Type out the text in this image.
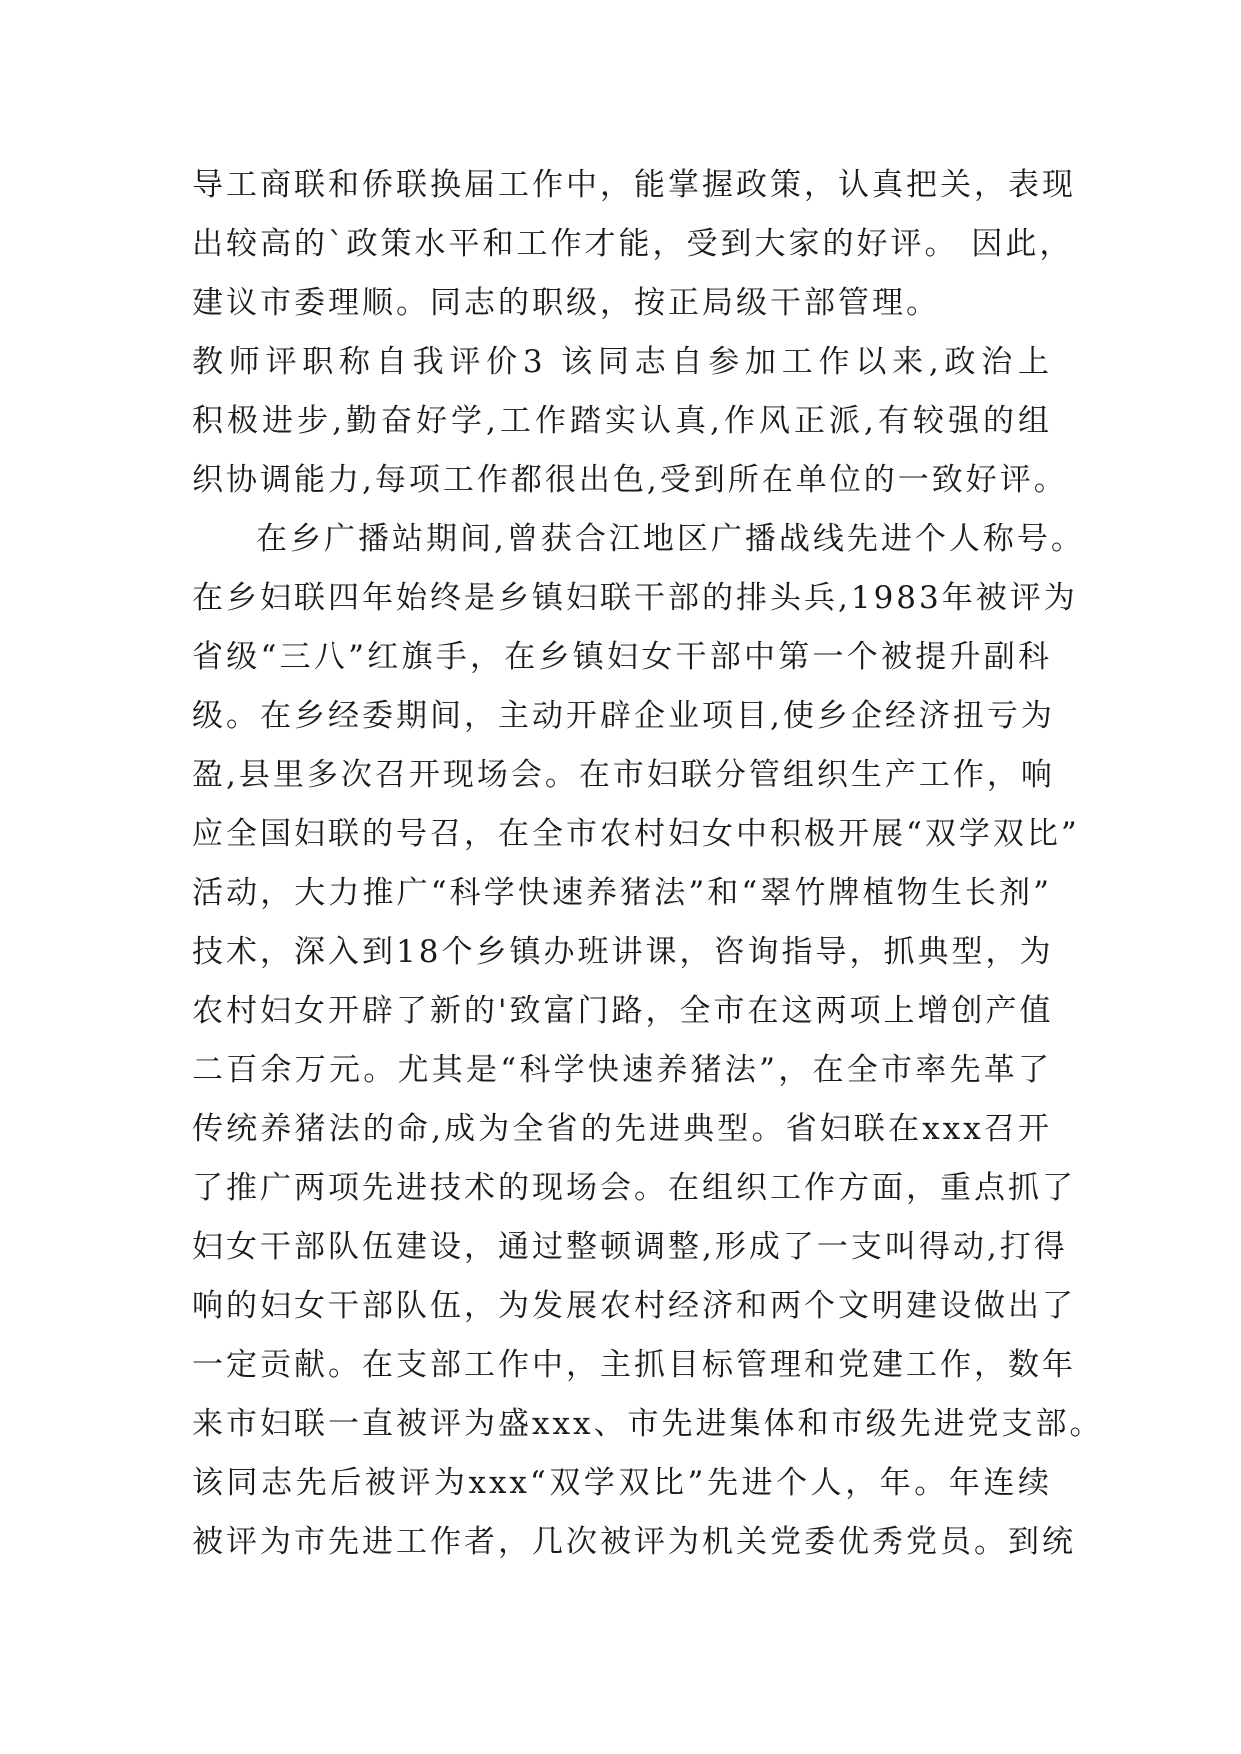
导工商联和侨联换届工作中，能掌握政策，认真把关，表现
出较高的`政策水平和工作才能，受到大家的好评。 因此，
建议市委理顺。同志的职级，按正局级干部管理。
教师评职称自我评价3 该同志自参加工作以来,政治上
积极进步,勤奋好学,工作踏实认真,作风正派,有较强的组
织协调能力,每项工作都很出色,受到所在单位的一致好评。
在乡广播站期间,曾获合江地区广播战线先进个人称号。
在乡妇联四年始终是乡镇妇联干部的排头兵,1983年被评为
省级“三八”红旗手，在乡镇妇女干部中第一个被提升副科
级。在乡经委期间，主动开辟企业项目,使乡企经济扭亏为
盈,县里多次召开现场会。在市妇联分管组织生产工作，响
应全国妇联的号召，在全市农村妇女中积极开展“双学双比”
活动，大力推广“科学快速养猪法”和“翠竹牌植物生长剂”
技术，深入到18个乡镇办班讲课，咨询指导，抓典型，为
农村妇女开辟了新的'致富门路，全市在这两项上增创产值
二百余万元。尤其是“科学快速养猪法”，在全市率先革了
传统养猪法的命,成为全省的先进典型。省妇联在xxx召开
了推广两项先进技术的现场会。在组织工作方面，重点抓了
妇女干部队伍建设，通过整顿调整,形成了一支叫得动,打得
响的妇女干部队伍，为发展农村经济和两个文明建设做出了
一定贡献。在支部工作中，主抓目标管理和党建工作，数年
来市妇联一直被评为盛xxx、市先进集体和市级先进党支部。
该同志先后被评为xxx“双学双比”先进个人，年。年连续
被评为市先进工作者，几次被评为机关党委优秀党员。到统
